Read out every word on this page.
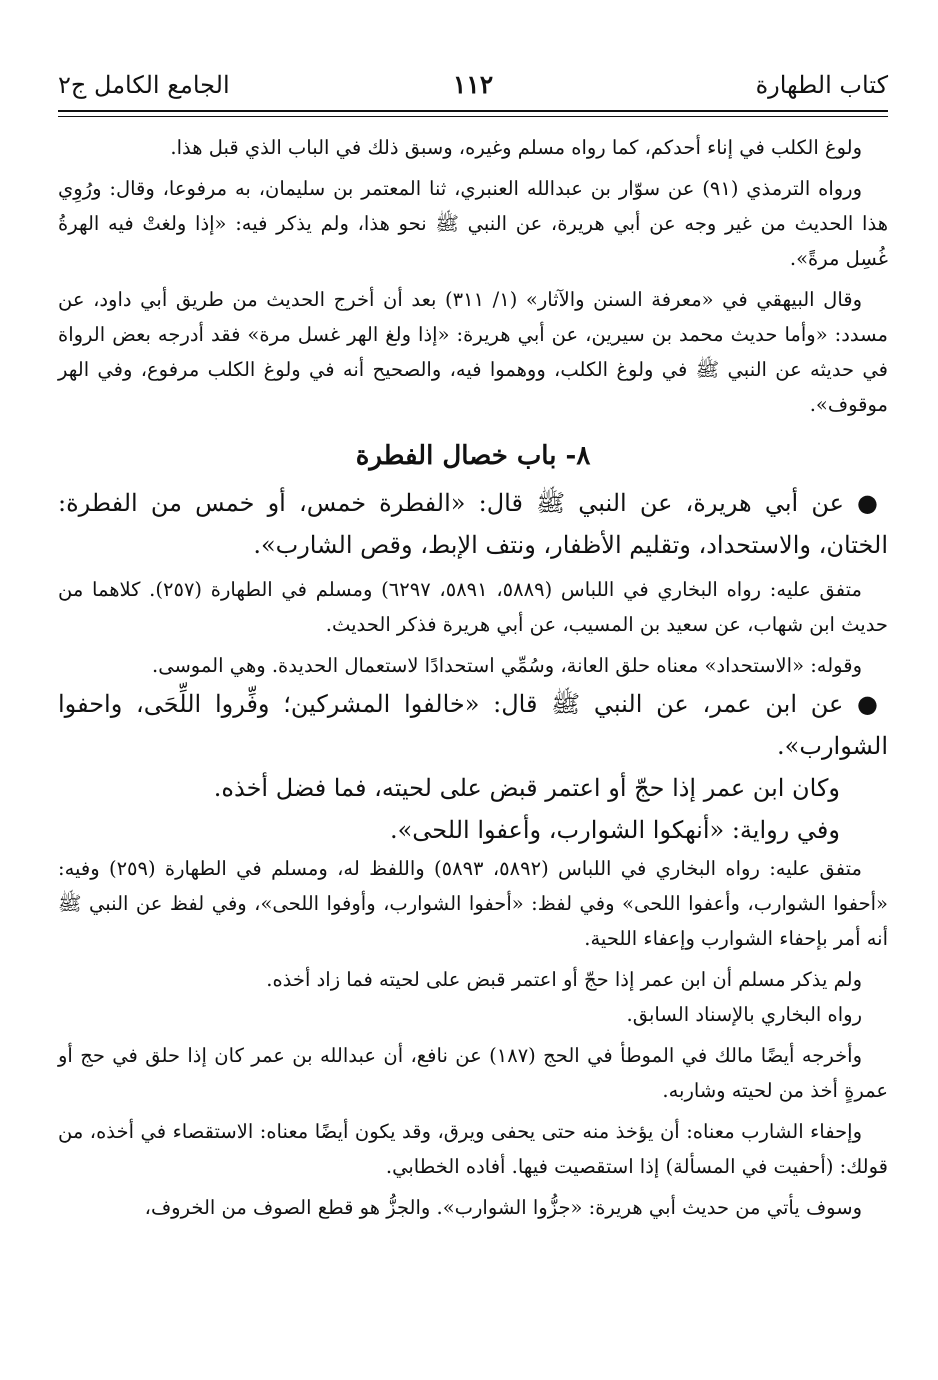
كتاب الطهارة
١١٢
الجامع الكامل ج٢

ولوغ الكلب في إناء أحدكم، كما رواه مسلم وغيره، وسبق ذلك في الباب الذي قبل هذا.

ورواه الترمذي (٩١) عن سوّار بن عبدالله العنبري، ثنا المعتمر بن سليمان، به مرفوعا، وقال: ورُوِي هذا الحديث من غير وجه عن أبي هريرة، عن النبي ﷺ نحو هذا، ولم يذكر فيه: «إذا ولغتْ فيه الهرةُ غُسِل مرةً».

وقال البيهقي في «معرفة السنن والآثار» (١/ ٣١١) بعد أن أخرج الحديث من طريق أبي داود، عن مسدد: «وأما حديث محمد بن سيرين، عن أبي هريرة: «إذا ولغ الهر غسل مرة» فقد أدرجه بعض الرواة في حديثه عن النبي ﷺ في ولوغ الكلب، ووهموا فيه، والصحيح أنه في ولوغ الكلب مرفوع، وفي الهر موقوف».

٨- باب خصال الفطرة

● عن أبي هريرة، عن النبي ﷺ قال: «الفطرة خمس، أو خمس من الفطرة: الختان، والاستحداد، وتقليم الأظفار، ونتف الإبط، وقص الشارب».

متفق عليه: رواه البخاري في اللباس (٥٨٨٩، ٥٨٩١، ٦٢٩٧) ومسلم في الطهارة (٢٥٧). كلاهما من حديث ابن شهاب، عن سعيد بن المسيب، عن أبي هريرة فذكر الحديث.

وقوله: «الاستحداد» معناه حلق العانة، وسُمِّي استحدادًا لاستعمال الحديدة. وهي الموسى.

● عن ابن عمر، عن النبي ﷺ قال: «خالفوا المشركين؛ وفِّروا اللِّحَى، واحفوا الشوارب».

وكان ابن عمر إذا حجّ أو اعتمر قبض على لحيته، فما فضل أخذه.

وفي رواية: «أنهكوا الشوارب، وأعفوا اللحى».

متفق عليه: رواه البخاري في اللباس (٥٨٩٢، ٥٨٩٣) واللفظ له، ومسلم في الطهارة (٢٥٩) وفيه: «أحفوا الشوارب، وأعفوا اللحى» وفي لفظ: «أحفوا الشوارب، وأوفوا اللحى»، وفي لفظ عن النبي ﷺ أنه أمر بإحفاء الشوارب وإعفاء اللحية.

ولم يذكر مسلم أن ابن عمر إذا حجّ أو اعتمر قبض على لحيته فما زاد أخذه.

رواه البخاري بالإسناد السابق.

وأخرجه أيضًا مالك في الموطأ في الحج (١٨٧) عن نافع، أن عبدالله بن عمر كان إذا حلق في حج أو عمرةٍ أخذ من لحيته وشاربه.

وإحفاء الشارب معناه: أن يؤخذ منه حتى يحفى ويرق، وقد يكون أيضًا معناه: الاستقصاء في أخذه، من قولك: (أحفيت في المسألة) إذا استقصيت فيها. أفاده الخطابي.

وسوف يأتي من حديث أبي هريرة: «جزُّوا الشوارب». والجزُّ هو قطع الصوف من الخروف،
